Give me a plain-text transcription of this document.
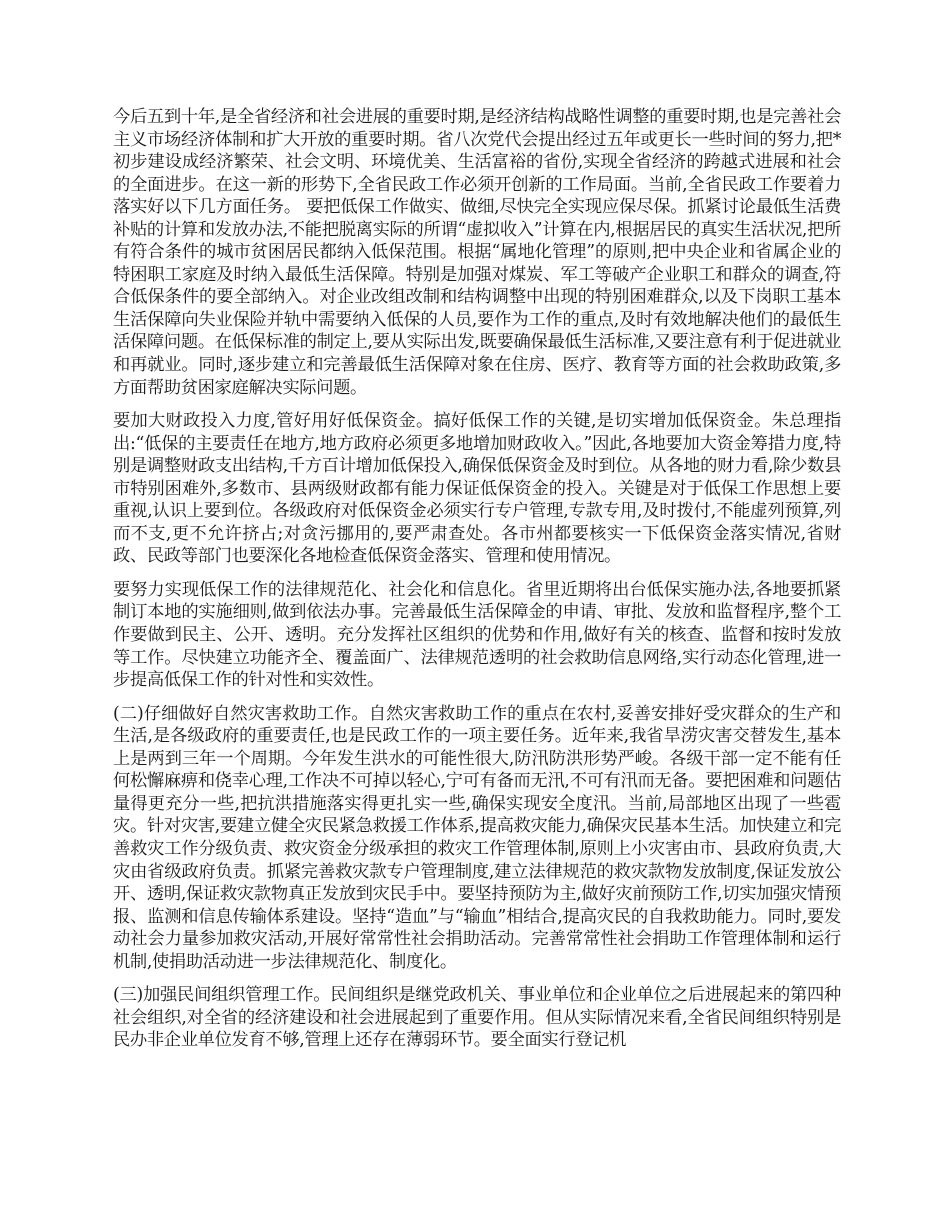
今后五到十年,是全省经济和社会进展的重要时期,是经济结构战略性调整的重要时期,也是完善社会主义市场经济体制和扩大开放的重要时期。省八次党代会提出经过五年或更长一些时间的努力,把*初步建设成经济繁荣、社会文明、环境优美、生活富裕的省份,实现全省经济的跨越式进展和社会的全面进步。在这一新的形势下,全省民政工作必须开创新的工作局面。当前,全省民政工作要着力落实好以下几方面任务。 要把低保工作做实、做细,尽快完全实现应保尽保。抓紧讨论最低生活费补贴的计算和发放办法,不能把脱离实际的所谓“虚拟收入”计算在内,根据居民的真实生活状况,把所有符合条件的城市贫困居民都纳入低保范围。根据“属地化管理”的原则,把中央企业和省属企业的特困职工家庭及时纳入最低生活保障。特别是加强对煤炭、军工等破产企业职工和群众的调查,符合低保条件的要全部纳入。对企业改组改制和结构调整中出现的特别困难群众,以及下岗职工基本生活保障向失业保险并轨中需要纳入低保的人员,要作为工作的重点,及时有效地解决他们的最低生活保障问题。在低保标准的制定上,要从实际出发,既要确保最低生活标准,又要注意有利于促进就业和再就业。同时,逐步建立和完善最低生活保障对象在住房、医疗、教育等方面的社会救助政策,多方面帮助贫困家庭解决实际问题。

要加大财政投入力度,管好用好低保资金。搞好低保工作的关键,是切实增加低保资金。朱总理指出:“低保的主要责任在地方,地方政府必须更多地增加财政收入。”因此,各地要加大资金筹措力度,特别是调整财政支出结构,千方百计增加低保投入,确保低保资金及时到位。从各地的财力看,除少数县市特别困难外,多数市、县两级财政都有能力保证低保资金的投入。关键是对于低保工作思想上要重视,认识上要到位。各级政府对低保资金必须实行专户管理,专款专用,及时拨付,不能虚列预算,列而不支,更不允许挤占;对贪污挪用的,要严肃查处。各市州都要核实一下低保资金落实情况,省财政、民政等部门也要深化各地检查低保资金落实、管理和使用情况。

要努力实现低保工作的法律规范化、社会化和信息化。省里近期将出台低保实施办法,各地要抓紧制订本地的实施细则,做到依法办事。完善最低生活保障金的申请、审批、发放和监督程序,整个工作要做到民主、公开、透明。充分发挥社区组织的优势和作用,做好有关的核查、监督和按时发放等工作。尽快建立功能齐全、覆盖面广、法律规范透明的社会救助信息网络,实行动态化管理,进一步提高低保工作的针对性和实效性。

(二)仔细做好自然灾害救助工作。自然灾害救助工作的重点在农村,妥善安排好受灾群众的生产和生活,是各级政府的重要责任,也是民政工作的一项主要任务。近年来,我省旱涝灾害交替发生,基本上是两到三年一个周期。今年发生洪水的可能性很大,防汛防洪形势严峻。各级干部一定不能有任何松懈麻痹和侥幸心理,工作决不可掉以轻心,宁可有备而无汛,不可有汛而无备。要把困难和问题估量得更充分一些,把抗洪措施落实得更扎实一些,确保实现安全度汛。当前,局部地区出现了一些雹灾。针对灾害,要建立健全灾民紧急救援工作体系,提高救灾能力,确保灾民基本生活。加快建立和完善救灾工作分级负责、救灾资金分级承担的救灾工作管理体制,原则上小灾害由市、县政府负责,大灾由省级政府负责。抓紧完善救灾款专户管理制度,建立法律规范的救灾款物发放制度,保证发放公开、透明,保证救灾款物真正发放到灾民手中。要坚持预防为主,做好灾前预防工作,切实加强灾情预报、监测和信息传输体系建设。坚持“造血”与“输血”相结合,提高灾民的自我救助能力。同时,要发动社会力量参加救灾活动,开展好常常性社会捐助活动。完善常常性社会捐助工作管理体制和运行机制,使捐助活动进一步法律规范化、制度化。

(三)加强民间组织管理工作。民间组织是继党政机关、事业单位和企业单位之后进展起来的第四种社会组织,对全省的经济建设和社会进展起到了重要作用。但从实际情况来看,全省民间组织特别是民办非企业单位发育不够,管理上还存在薄弱环节。要全面实行登记机
